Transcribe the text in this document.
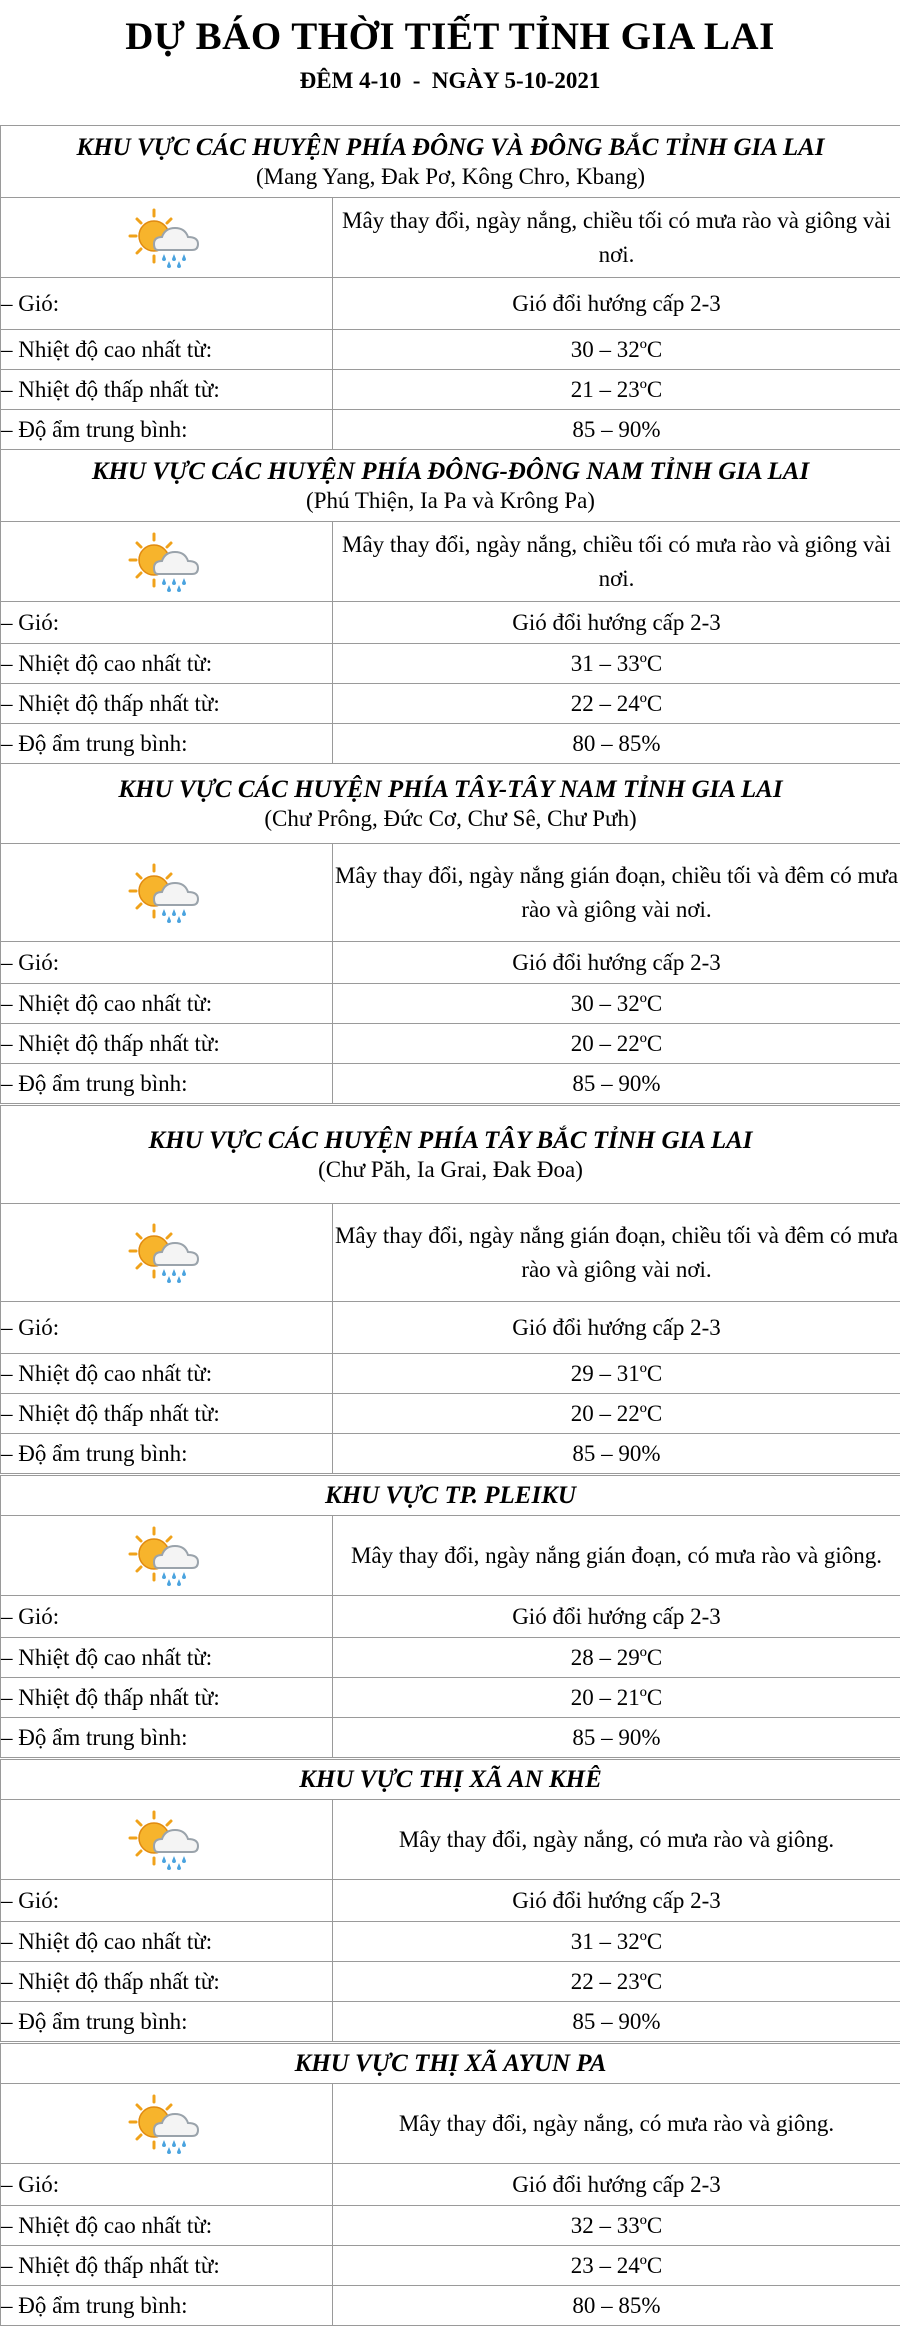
DỰ BÁO THỜI TIẾT TỈNH GIA LAI
ĐÊM 4-10  -  NGÀY 5-10-2021
KHU VỰC CÁC HUYỆN PHÍA ĐÔNG VÀ ĐÔNG BẮC TỈNH GIA LAI
(Mang Yang, Đak Pơ, Kông Chro, Kbang)	

	Mây thay đổi, ngày nắng, chiều tối có mưa rào và giông vài nơi.
– Gió:	Gió đổi hướng cấp 2-3
– Nhiệt độ cao nhất từ:	30 – 32ºC
– Nhiệt độ thấp nhất từ:	21 – 23ºC
– Độ ẩm trung bình:	85 – 90%
KHU VỰC CÁC HUYỆN PHÍA ĐÔNG-ĐÔNG NAM TỈNH GIA LAI
(Phú Thiện, Ia Pa và Krông Pa)	

	Mây thay đổi, ngày nắng, chiều tối có mưa rào và giông vài nơi.
– Gió:	Gió đổi hướng cấp 2-3
– Nhiệt độ cao nhất từ:	31 – 33ºC
– Nhiệt độ thấp nhất từ:	22 – 24ºC
– Độ ẩm trung bình:	80 – 85%
KHU VỰC CÁC HUYỆN PHÍA TÂY-TÂY NAM TỈNH GIA LAI
(Chư Prông, Đức Cơ, Chư Sê, Chư Pưh)	

	Mây thay đổi, ngày nắng gián đoạn, chiều tối và đêm có mưa rào và giông vài nơi.
– Gió:	Gió đổi hướng cấp 2-3
– Nhiệt độ cao nhất từ:	30 – 32ºC
– Nhiệt độ thấp nhất từ:	20 – 22ºC
– Độ ẩm trung bình:	85 – 90%
KHU VỰC CÁC HUYỆN PHÍA TÂY BẮC TỈNH GIA LAI
(Chư Păh, Ia Grai, Đak Đoa)	

	Mây thay đổi, ngày nắng gián đoạn, chiều tối và đêm có mưa rào và giông vài nơi.
– Gió:	Gió đổi hướng cấp 2-3
– Nhiệt độ cao nhất từ:	29 – 31ºC
– Nhiệt độ thấp nhất từ:	20 – 22ºC
– Độ ẩm trung bình:	85 – 90%
KHU VỰC TP. PLEIKU	

	Mây thay đổi, ngày nắng gián đoạn, có mưa rào và giông.
– Gió:	Gió đổi hướng cấp 2-3
– Nhiệt độ cao nhất từ:	28 – 29ºC
– Nhiệt độ thấp nhất từ:	20 – 21ºC
– Độ ẩm trung bình:	85 – 90%
KHU VỰC THỊ XÃ AN KHÊ	

	Mây thay đổi, ngày nắng, có mưa rào và giông.
– Gió:	Gió đổi hướng cấp 2-3
– Nhiệt độ cao nhất từ:	31 – 32ºC
– Nhiệt độ thấp nhất từ:	22 – 23ºC
– Độ ẩm trung bình:	85 – 90%
KHU VỰC THỊ XÃ AYUN PA	

	Mây thay đổi, ngày nắng, có mưa rào và giông.
– Gió:	Gió đổi hướng cấp 2-3
– Nhiệt độ cao nhất từ:	32 – 33ºC
– Nhiệt độ thấp nhất từ:	23 – 24ºC
– Độ ẩm trung bình:	80 – 85%
